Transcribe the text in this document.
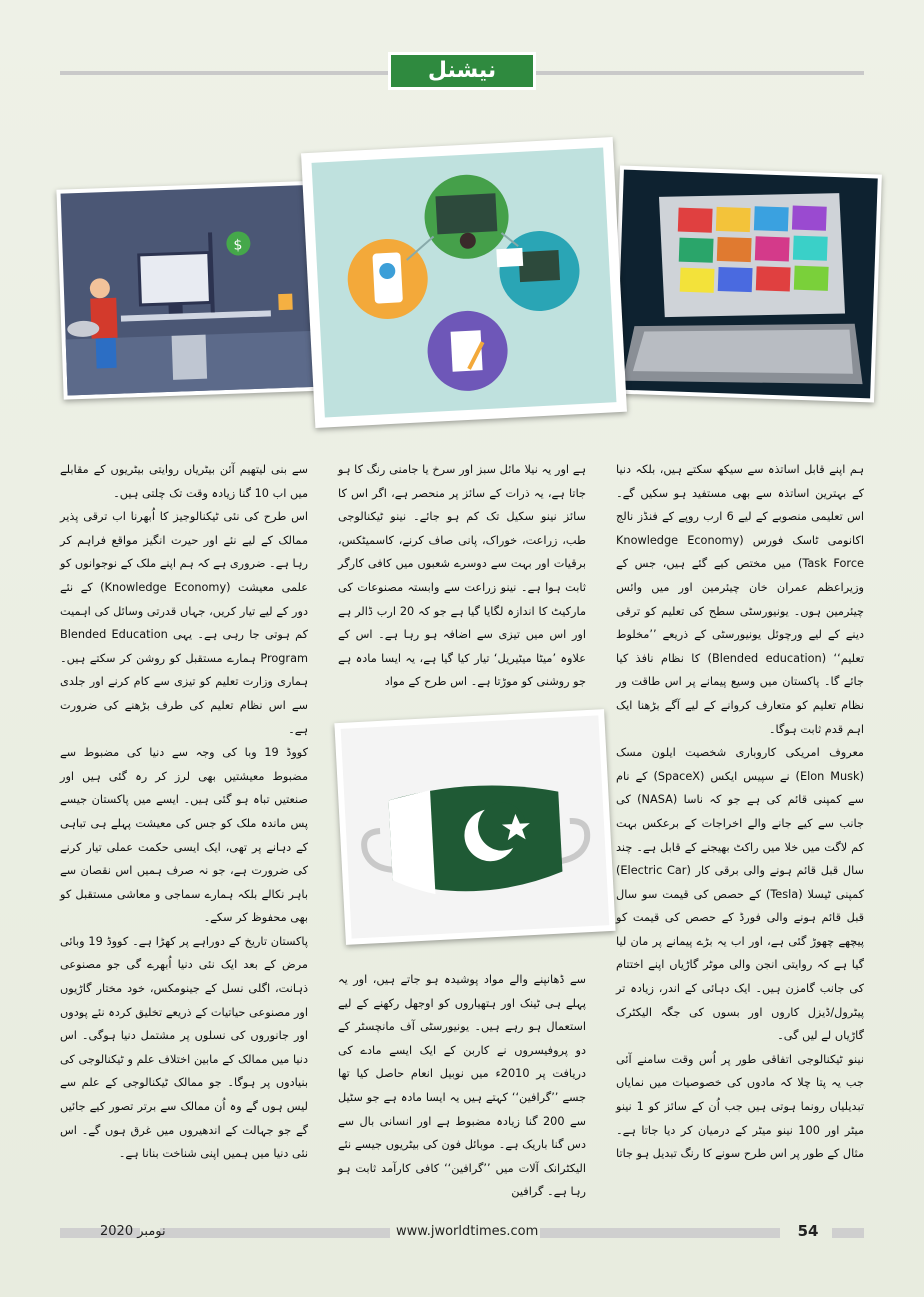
نیشنل
$

ہم اپنے قابل اساتذہ سے سیکھ سکتے ہیں، بلکہ دنیا کے بہترین اساتذہ سے بھی مستفید ہو سکیں گے۔ اس تعلیمی منصوبے کے لیے 6 ارب روپے کے فنڈز نالج اکانومی ٹاسک فورس (Knowledge Economy Task Force) میں مختص کیے گئے ہیں، جس کے وزیراعظم عمران خان چیئرمین اور میں وائس چیئرمین ہوں۔ یونیورسٹی سطح کی تعلیم کو ترقی دینے کے لیے ورچوئل یونیورسٹی کے ذریعے ’’مخلوط تعلیم‘‘ (Blended education) کا نظام نافذ کیا جائے گا۔ پاکستان میں وسیع پیمانے پر اس طاقت ور نظام تعلیم کو متعارف کروانے کے لیے آگے بڑھنا ایک اہم قدم ثابت ہوگا۔

معروف امریکی کاروباری شخصیت ایلون مسک (Elon Musk) نے سپیس ایکس (SpaceX) کے نام سے کمپنی قائم کی ہے جو کہ ناسا (NASA) کی جانب سے کیے جانے والے اخراجات کے برعکس بہت کم لاگت میں خلا میں راکٹ بھیجنے کے قابل ہے۔ چند سال قبل قائم ہونے والی برقی کار (Electric Car) کمپنی ٹیسلا (Tesla) کے حصص کی قیمت سو سال قبل قائم ہونے والی فورڈ کے حصص کی قیمت کو پیچھے چھوڑ گئی ہے، اور اب یہ بڑے پیمانے پر مان لیا گیا ہے کہ روایتی انجن والی موٹر گاڑیاں اپنے اختتام کی جانب گامزن ہیں۔ ایک دہائی کے اندر، زیادہ تر پیٹرول/ڈیزل کاروں اور بسوں کی جگہ الیکٹرک گاڑیاں لے لیں گی۔

نینو ٹیکنالوجی اتفاقی طور پر اُس وقت سامنے آئی جب یہ پتا چلا کہ مادوں کی خصوصیات میں نمایاں تبدیلیاں رونما ہوتی ہیں جب اُن کے سائز کو 1 نینو میٹر اور 100 نینو میٹر کے درمیان کر دیا جاتا ہے۔ مثال کے طور پر اس طرح سونے کا رنگ تبدیل ہو جاتا

ہے اور یہ نیلا مائل سبز اور سرخ یا جامنی رنگ کا ہو جاتا ہے، یہ ذرات کے سائز پر منحصر ہے، اگر اس کا سائز نینو سکیل تک کم ہو جائے۔ نینو ٹیکنالوجی طب، زراعت، خوراک، پانی صاف کرنے، کاسمیٹکس، برقیات اور بہت سے دوسرے شعبوں میں کافی کارگر ثابت ہوا ہے۔ نینو زراعت سے وابستہ مصنوعات کی مارکیٹ کا اندازہ لگایا گیا ہے جو کہ 20 ارب ڈالر ہے اور اس میں تیزی سے اضافہ ہو رہا ہے۔ اس کے علاوہ ’میٹا میٹیریل‘ تیار کیا گیا ہے، یہ ایسا مادہ ہے جو روشنی کو موڑتا ہے۔ اس طرح کے مواد

سے ڈھانپنے والے مواد پوشیدہ ہو جاتے ہیں، اور یہ پہلے ہی ٹینک اور ہتھیاروں کو اوجھل رکھنے کے لیے استعمال ہو رہے ہیں۔ یونیورسٹی آف مانچسٹر کے دو پروفیسروں نے کاربن کے ایک ایسے مادے کی دریافت پر 2010ء میں نوبیل انعام حاصل کیا تھا جسے ’’گرافین‘‘ کہتے ہیں یہ ایسا مادہ ہے جو سٹیل سے 200 گنا زیادہ مضبوط ہے اور انسانی بال سے دس گنا باریک ہے۔ موبائل فون کی بیٹریوں جیسے نئے الیکٹرانک آلات میں ’’گرافین‘‘ کافی کارآمد ثابت ہو رہا ہے۔ گرافین

سے بنی لیتھیم آئن بیٹریاں روایتی بیٹریوں کے مقابلے میں اب 10 گنا زیادہ وقت تک چلتی ہیں۔

اس طرح کی نئی ٹیکنالوجیز کا اُبھرنا اب ترقی پذیر ممالک کے لیے نئے اور حیرت انگیز مواقع فراہم کر رہا ہے۔ ضروری ہے کہ ہم اپنے ملک کے نوجوانوں کو علمی معیشت (Knowledge Economy) کے نئے دور کے لیے تیار کریں، جہاں قدرتی وسائل کی اہمیت کم ہوتی جا رہی ہے۔ یہی Blended Education Program ہمارے مستقبل کو روشن کر سکتے ہیں۔ ہماری وزارت تعلیم کو تیزی سے کام کرنے اور جلدی سے اس نظام تعلیم کی طرف بڑھنے کی ضرورت ہے۔

کووڈ 19 وبا کی وجہ سے دنیا کی مضبوط سے مضبوط معیشتیں بھی لرز کر رہ گئی ہیں اور صنعتیں تباہ ہو گئی ہیں۔ ایسے میں پاکستان جیسے پس ماندہ ملک کو جس کی معیشت پہلے ہی تباہی کے دہانے پر تھی، ایک ایسی حکمت عملی تیار کرنے کی ضرورت ہے، جو نہ صرف ہمیں اس نقصان سے باہر نکالے بلکہ ہمارے سماجی و معاشی مستقبل کو بھی محفوظ کر سکے۔

پاکستان تاریخ کے دوراہے پر کھڑا ہے۔ کووڈ 19 وبائی مرض کے بعد ایک نئی دنیا اُبھرے گی جو مصنوعی ذہانت، اگلی نسل کے جینومکس، خود مختار گاڑیوں اور مصنوعی حیاتیات کے ذریعے تخلیق کردہ نئے پودوں اور جانوروں کی نسلوں پر مشتمل دنیا ہوگی۔ اس دنیا میں ممالک کے مابین اختلاف علم و ٹیکنالوجی کی بنیادوں پر ہوگا۔ جو ممالک ٹیکنالوجی کے علم سے لیس ہوں گے وہ اُن ممالک سے برتر تصور کیے جائیں گے جو جہالت کے اندھیروں میں غرق ہوں گے۔ اس نئی دنیا میں ہمیں اپنی شناخت بنانا ہے۔

نومبر 2020	www.jworldtimes.com	54
